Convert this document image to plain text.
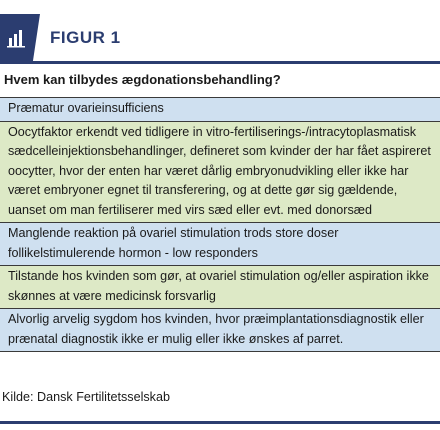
FIGUR 1
Hvem kan tilbydes ægdonationsbehandling?
Præmatur ovarieinsufficiens
Oocytfaktor erkendt ved tidligere in vitro-fertiliserings-/intracytoplasmatisk sædcelleinjektionsbehandlinger, defineret som kvinder der har fået aspireret oocytter, hvor der enten har været dårlig embryonudvikling eller ikke har været embryoner egnet til transferering, og at dette gør sig gældende, uanset om man fertiliserer med virs sæd eller evt. med donorsæd
Manglende reaktion på ovariel stimulation trods store doser follikelstimulerende hormon - low responders
Tilstande hos kvinden som gør, at ovariel stimulation og/eller aspiration ikke skønnes at være medicinsk forsvarlig
Alvorlig arvelig sygdom hos kvinden, hvor præimplantationsdiagnostik eller prænatal diagnostik ikke er mulig eller ikke ønskes af parret.
Kilde: Dansk Fertilitetsselskab
